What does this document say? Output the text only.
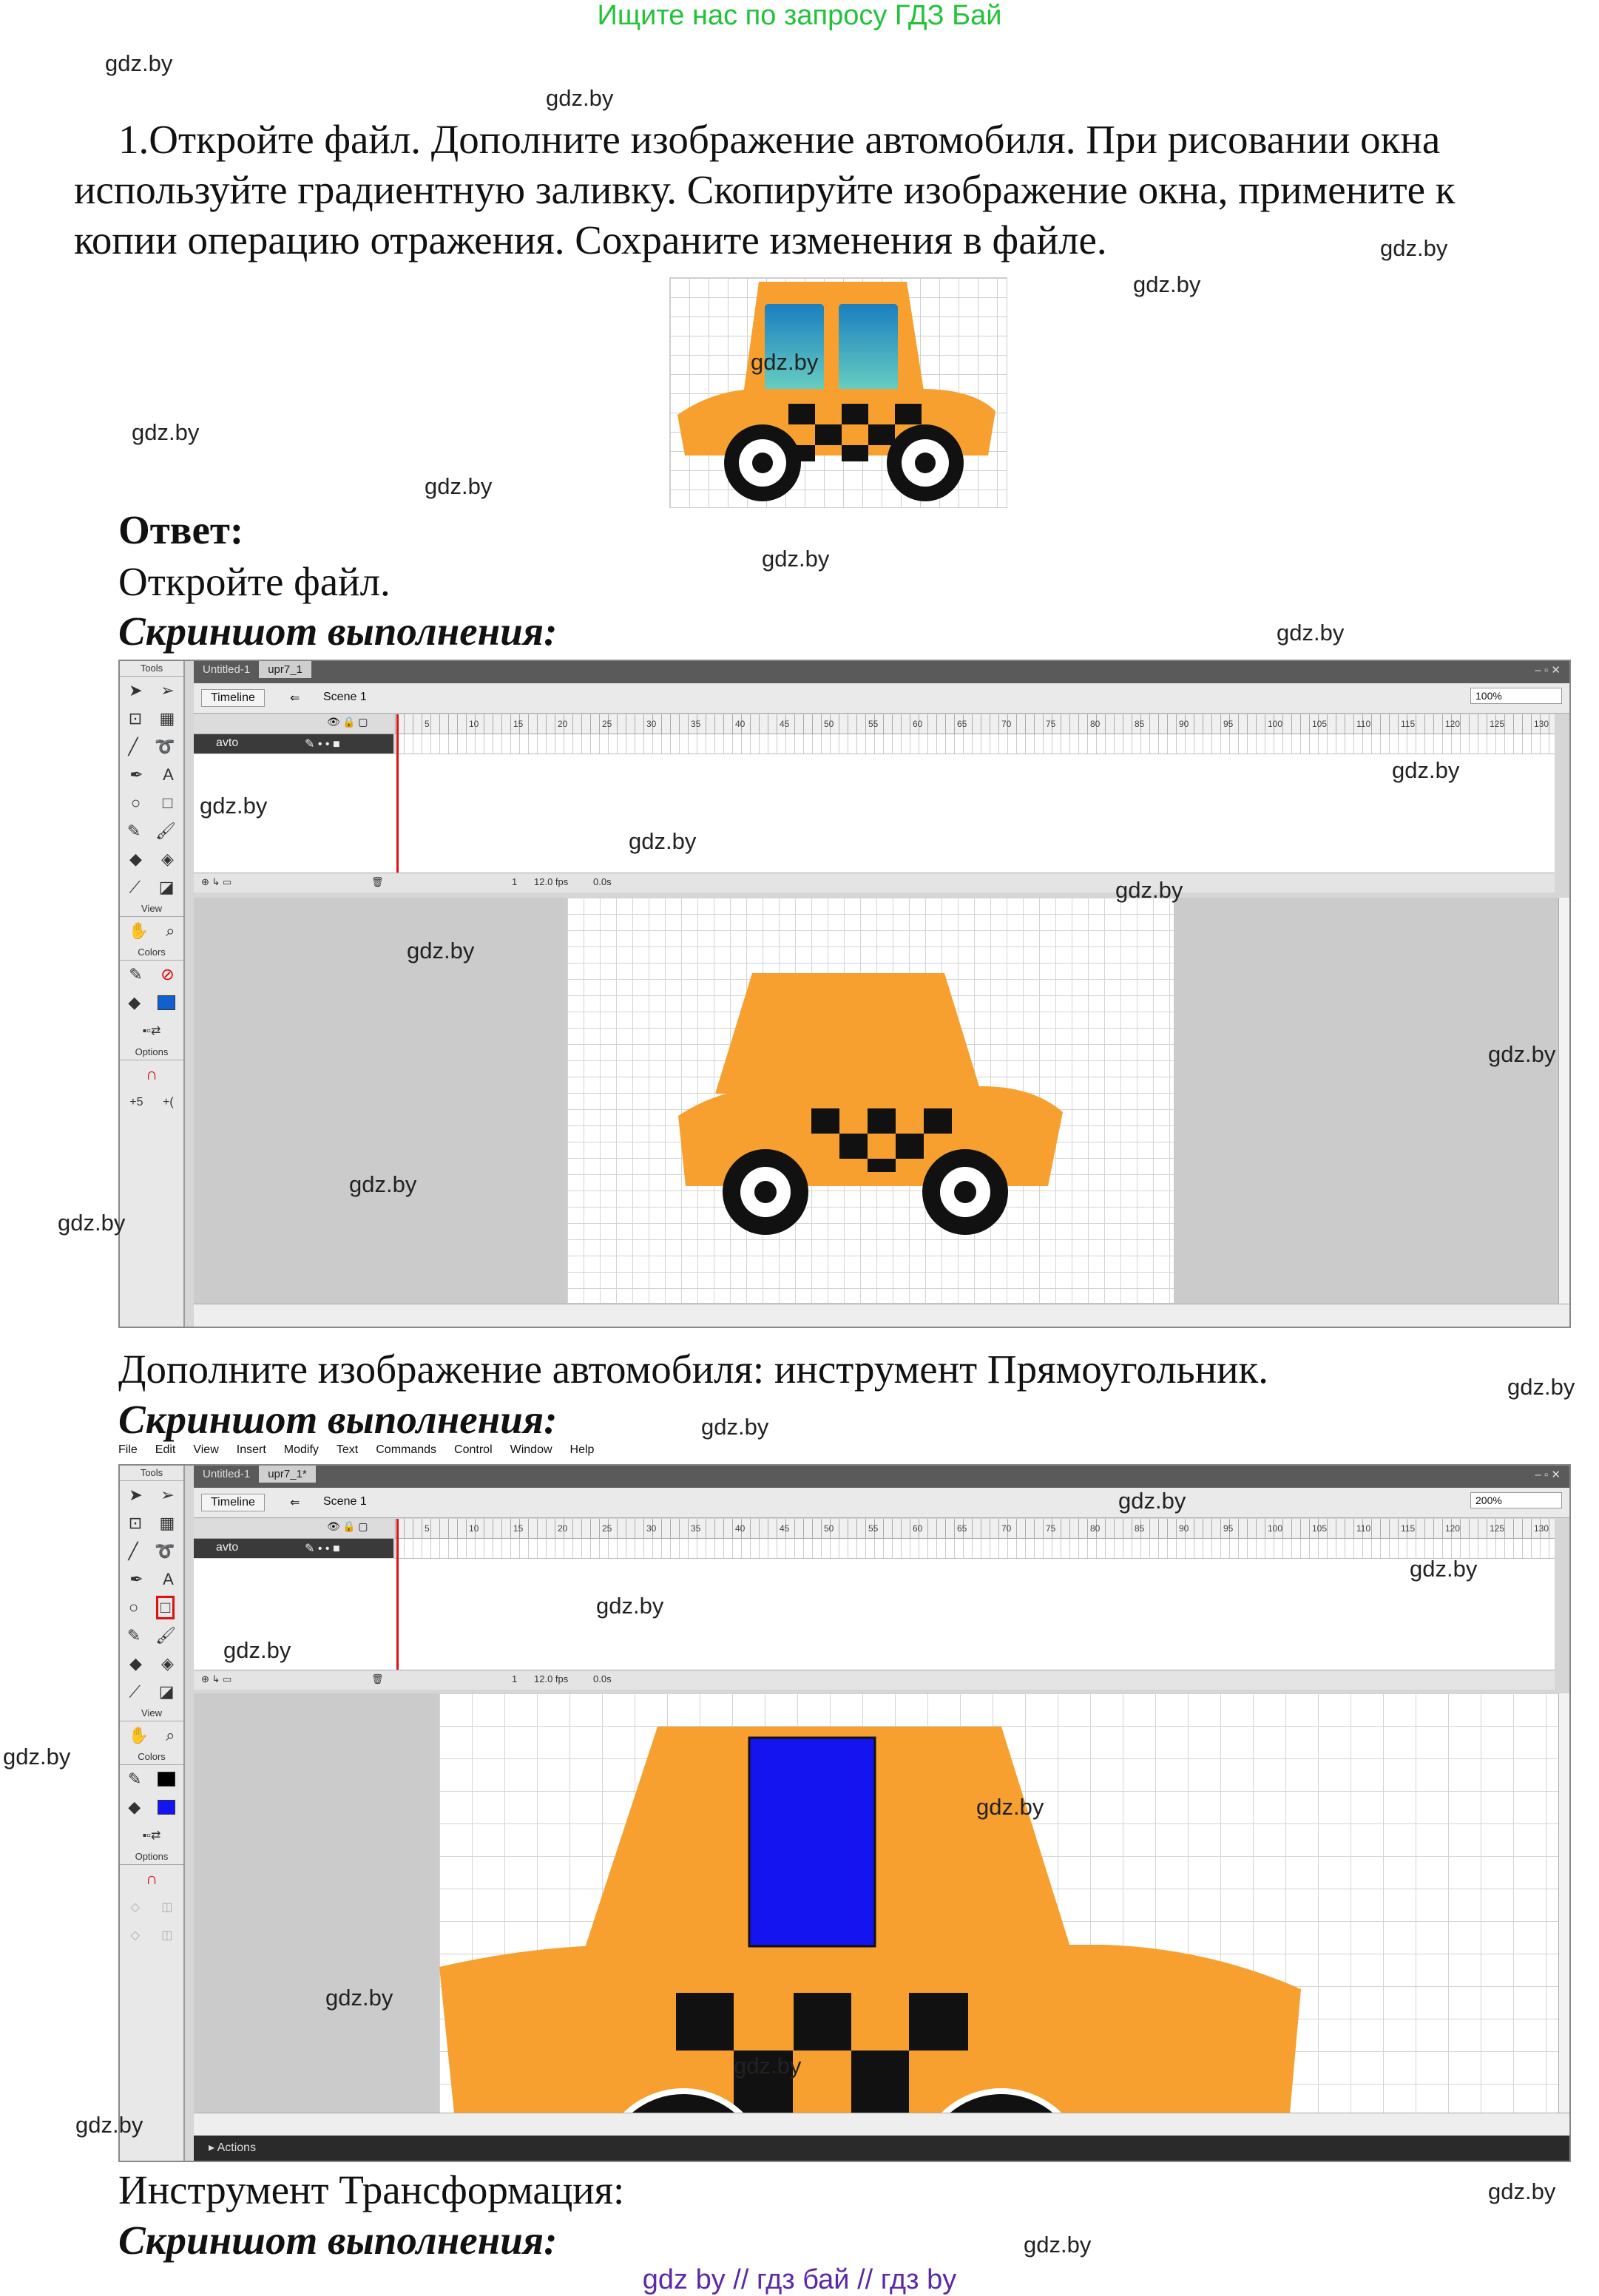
Ищите нас по запросу ГДЗ Бай
gdz by // гдз бай // гдз by
1.Откройте файл. Дополните изображение автомобиля. При рисовании окна используйте градиентную заливку. Скопируйте изображение окна, примените к копии операцию отражения. Сохраните изменения в файле.
Ответ:
Откройте файл.
Скриншот выполнения:
Tools
➤ ➢
⊡ ▦
╱ ➰
✒ A
○ □
✎ 🖌
◆ ◈
⟋ ◪
View
✋ ⌕
Colors
✎ ⊘
◆
▪▫⇄
Options
∩
+5 +(
Untitled-1 upr7_1	– ▫ ✕
Timeline	⇐ Scene 1	100%
👁 🔒 ▢	5	10	15	20	25	30	35	40	45	50	55	60	65	70	75	80	85	90	95	100	105	110	115	120	125	130
avto	✎ • • ■
⊕ ↳ ▭	🗑	1 12.0 fps	0.0s
Дополните изображение автомобиля: инструмент Прямоугольник.
Скриншот выполнения:
File Edit View Insert Modify Text Commands Control Window Help
Tools
➤ ➢
⊡ ▦
╱ ➰
✒ A
○ □
✎ 🖌
◆ ◈
⟋ ◪
View
✋ ⌕
Colors
✎
◆
▪▫⇄
Options
∩
◇ ◫
◇ ◫
Untitled-1 upr7_1*	– ▫ ✕
Timeline	⇐ Scene 1	200%
👁 🔒 ▢	5	10	15	20	25	30	35	40	45	50	55	60	65	70	75	80	85	90	95	100	105	110	115	120	125	130
avto	✎ • • ■
⊕ ↳ ▭	🗑	1 12.0 fps	0.0s
▸ Actions
Инструмент Трансформация:
Скриншот выполнения:
gdz.by
gdz.by
gdz.by
gdz.by
gdz.by
gdz.by
gdz.by
gdz.by
gdz.by
gdz.by
gdz.by
gdz.by
gdz.by
gdz.by
gdz.by
gdz.by
gdz.by
gdz.by
gdz.by
gdz.by
gdz.by
gdz.by
gdz.by
gdz.by
gdz.by
gdz.by
gdz.by
gdz.by
gdz.by
gdz.by
